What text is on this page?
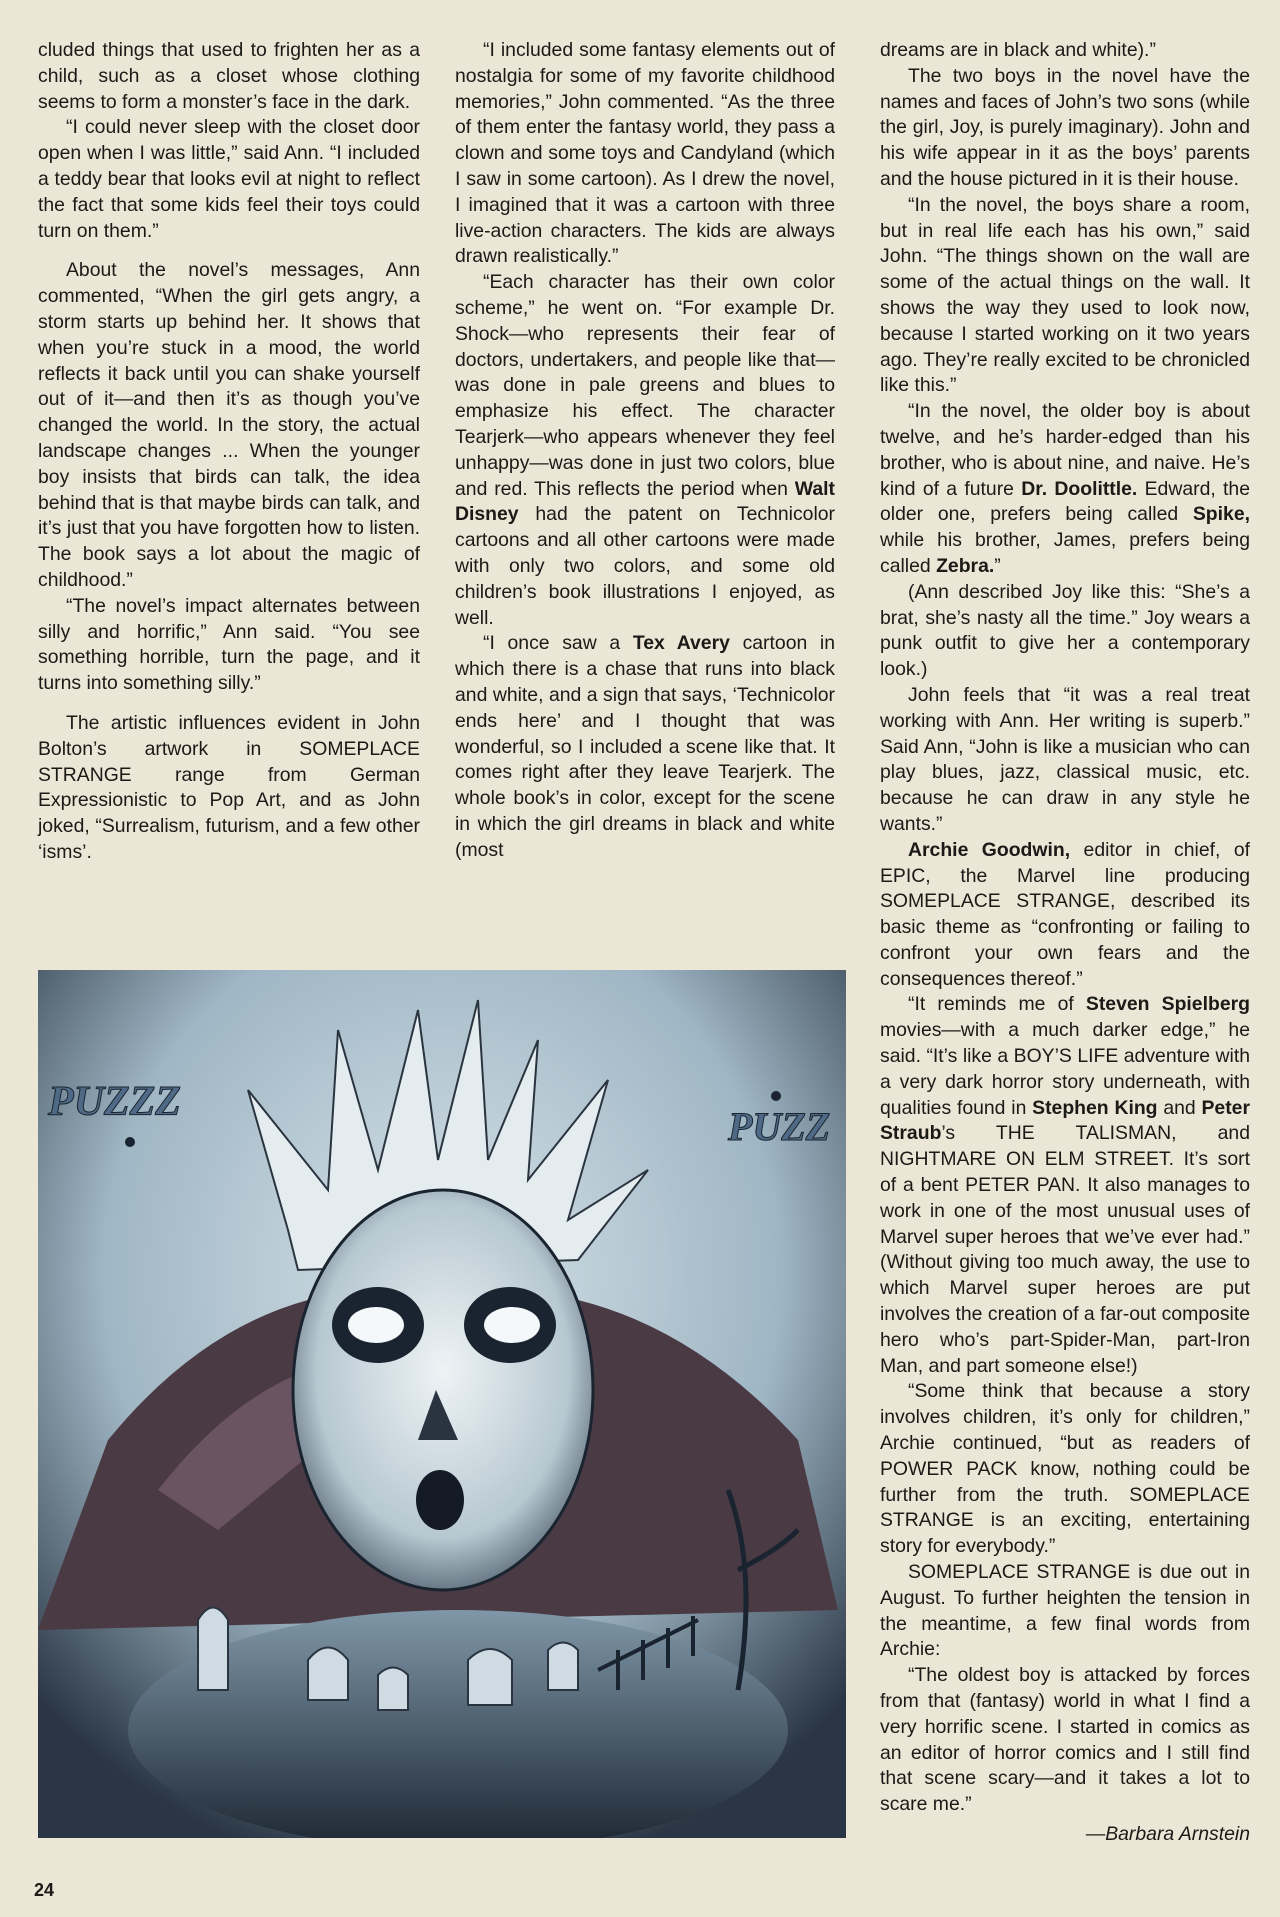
cluded things that used to frighten her as a child, such as a closet whose clothing seems to form a monster’s face in the dark.

“I could never sleep with the closet door open when I was little,” said Ann. “I included a teddy bear that looks evil at night to reflect the fact that some kids feel their toys could turn on them.”

About the novel’s messages, Ann commented, “When the girl gets angry, a storm starts up behind her. It shows that when you’re stuck in a mood, the world reflects it back until you can shake yourself out of it—and then it’s as though you’ve changed the world. In the story, the actual landscape changes ... When the younger boy insists that birds can talk, the idea behind that is that maybe birds can talk, and it’s just that you have forgotten how to listen. The book says a lot about the magic of childhood.”

“The novel’s impact alternates between silly and horrific,” Ann said. “You see something horrible, turn the page, and it turns into something silly.”

The artistic influences evident in John Bolton’s artwork in SOMEPLACE STRANGE range from German Expressionistic to Pop Art, and as John joked, “Surrealism, futurism, and a few other ‘isms’.

“I included some fantasy elements out of nostalgia for some of my favorite childhood memories,” John commented. “As the three of them enter the fantasy world, they pass a clown and some toys and Candyland (which I saw in some cartoon). As I drew the novel, I imagined that it was a cartoon with three live-action characters. The kids are always drawn realistically.”

“Each character has their own color scheme,” he went on. “For example Dr. Shock—who represents their fear of doctors, undertakers, and people like that—was done in pale greens and blues to emphasize his effect. The character Tearjerk—who appears whenever they feel unhappy—was done in just two colors, blue and red. This reflects the period when Walt Disney had the patent on Technicolor cartoons and all other cartoons were made with only two colors, and some old children’s book illustrations I enjoyed, as well.

“I once saw a Tex Avery cartoon in which there is a chase that runs into black and white, and a sign that says, ‘Technicolor ends here’ and I thought that was wonderful, so I included a scene like that. It comes right after they leave Tearjerk. The whole book’s in color, except for the scene in which the girl dreams in black and white (most

dreams are in black and white).”

The two boys in the novel have the names and faces of John’s two sons (while the girl, Joy, is purely imaginary). John and his wife appear in it as the boys’ parents and the house pictured in it is their house.

“In the novel, the boys share a room, but in real life each has his own,” said John. “The things shown on the wall are some of the actual things on the wall. It shows the way they used to look now, because I started working on it two years ago. They’re really excited to be chronicled like this.”

“In the novel, the older boy is about twelve, and he’s harder-edged than his brother, who is about nine, and naive. He’s kind of a future Dr. Doolittle. Edward, the older one, prefers being called Spike, while his brother, James, prefers being called Zebra.”

(Ann described Joy like this: “She’s a brat, she’s nasty all the time.” Joy wears a punk outfit to give her a contemporary look.)

John feels that “it was a real treat working with Ann. Her writing is superb.” Said Ann, “John is like a musician who can play blues, jazz, classical music, etc. because he can draw in any style he wants.”

Archie Goodwin, editor in chief, of EPIC, the Marvel line producing SOMEPLACE STRANGE, described its basic theme as “confronting or failing to confront your own fears and the consequences thereof.”

“It reminds me of Steven Spielberg movies—with a much darker edge,” he said. “It’s like a BOY’S LIFE adventure with a very dark horror story underneath, with qualities found in Stephen King and Peter Straub’s THE TALISMAN, and NIGHTMARE ON ELM STREET. It’s sort of a bent PETER PAN. It also manages to work in one of the most unusual uses of Marvel super heroes that we’ve ever had.” (Without giving too much away, the use to which Marvel super heroes are put involves the creation of a far-out composite hero who’s part-Spider-Man, part-Iron Man, and part someone else!)

“Some think that because a story involves children, it’s only for children,” Archie continued, “but as readers of POWER PACK know, nothing could be further from the truth. SOMEPLACE STRANGE is an exciting, entertaining story for everybody.”

SOMEPLACE STRANGE is due out in August. To further heighten the tension in the meantime, a few final words from Archie:

“The oldest boy is attacked by forces from that (fantasy) world in what I find a very horrific scene. I started in comics as an editor of horror comics and I still find that scene scary—and it takes a lot to scare me.”

—Barbara Arnstein

PUZZZ
PUZZ
24
